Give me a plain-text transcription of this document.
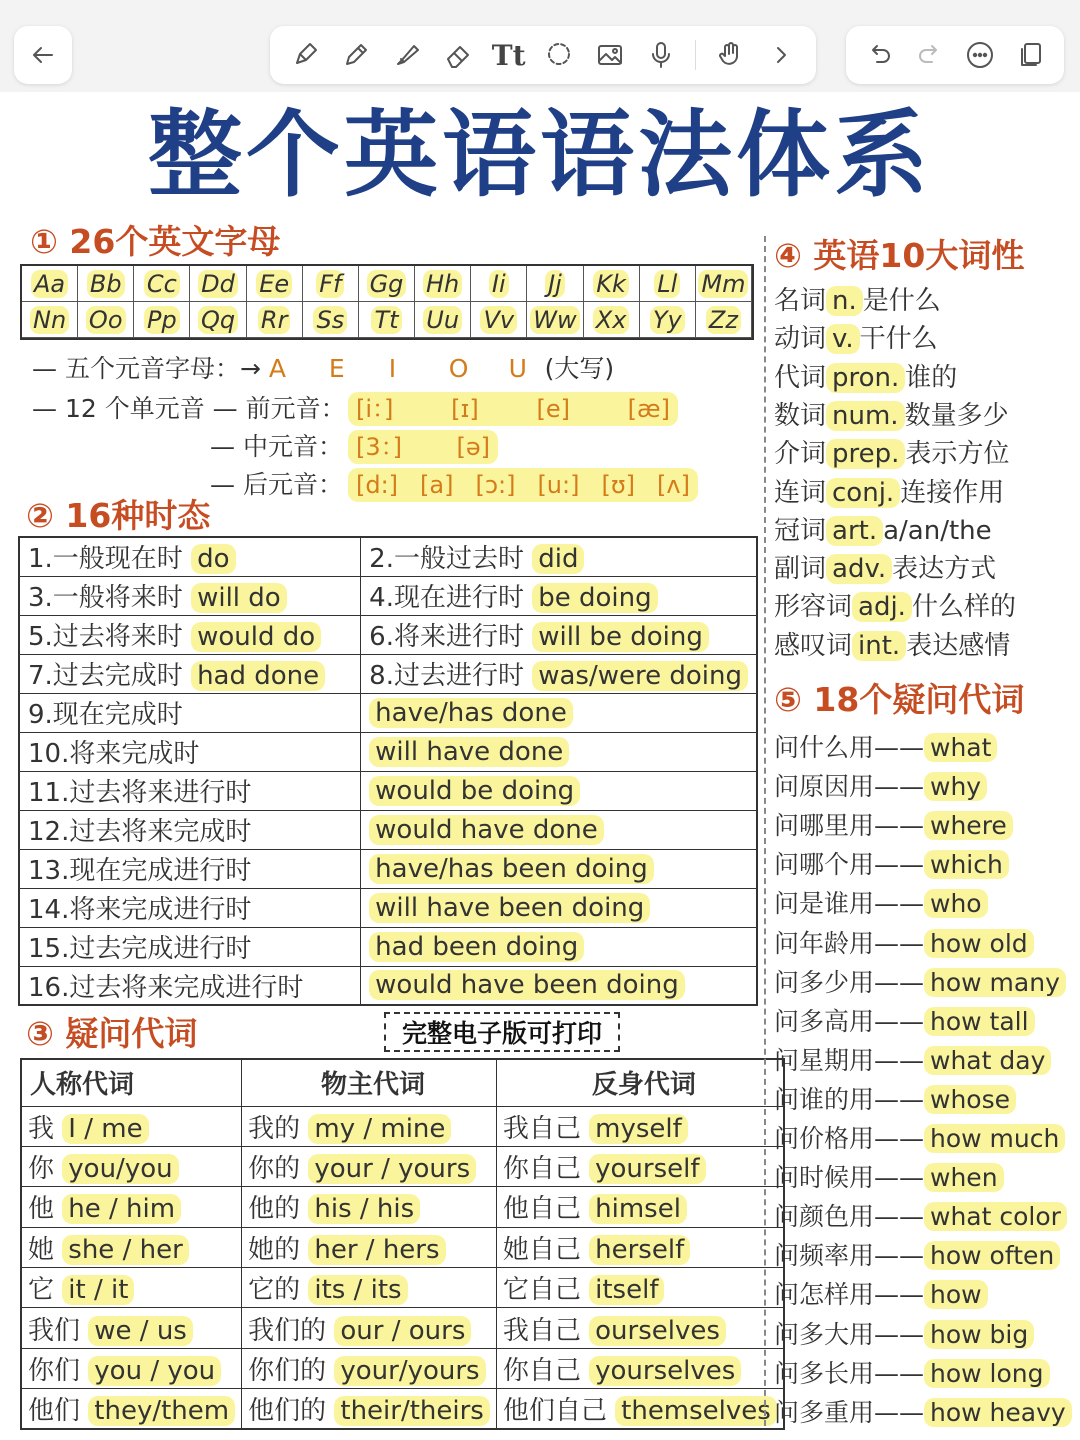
Tt
整个英语语法体系
① 26个英文字母
Aa Bb Cc Dd Ee Ff Gg Hh Ii Jj Kk Ll Mm
Nn Oo Pp Qq Rr Ss Tt Uu Vv Ww Xx Yy Zz
— 五个元音字母：→ A E I O U (大写)
— 12 个单元音 — 前元音： [i：] [ɪ] [e] [æ]
— 中元音： [3：] [ə]
— 后元音： [d:] [a] [ɔ:] [u:] [ʊ] [ʌ]
② 16种时态
1.一般现在时 do	2.一般过去时 did
3.一般将来时 will do	4.现在进行时 be doing
5.过去将来时 would do	6.将来进行时 will be doing
7.过去完成时 had done	8.过去进行时 was/were doing
9.现在完成时	have/has done
10.将来完成时	will have done
11.过去将来进行时	would be doing
12.过去将来完成时	would have done
13.现在完成进行时	have/has been doing
14.将来完成进行时	will have been doing
15.过去完成进行时	had been doing
16.过去将来完成进行时	would have been doing
③ 疑问代词	完整电子版可打印
人称代词	物主代词	反身代词
我 I / me	我的 my / mine	我自己 myself
你 you/you	你的 your / yours	你自己 yourself
他 he / him	他的 his / his	他自己 himsel
她 she / her	她的 her / hers	她自己 herself
它 it / it	它的 its / its	它自己 itself
我们 we / us	我们的 our / ours	我自己 ourselves
你们 you / you	你们的 your/yours	你自己 yourselves
他们 they/them	他们的 their/theirs	他们自己 themselves
④ 英语10大词性
名词 n. 是什么
动词 v. 干什么
代词 pron. 谁的
数词 num. 数量多少
介词 prep. 表示方位
连词 conj. 连接作用
冠词 art. a/an/the
副词 adv. 表达方式
形容词 adj. 什么样的
感叹词 int. 表达感情
⑤ 18个疑问代词
问什么用—— what
问原因用—— why
问哪里用—— where
问哪个用—— which
问是谁用—— who
问年龄用—— how old
问多少用—— how many
问多高用—— how tall
问星期用—— what day
问谁的用—— whose
问价格用—— how much
问时候用—— when
问颜色用—— what color
问频率用—— how often
问怎样用—— how
问多大用—— how big
问多长用—— how long
问多重用—— how heavy
